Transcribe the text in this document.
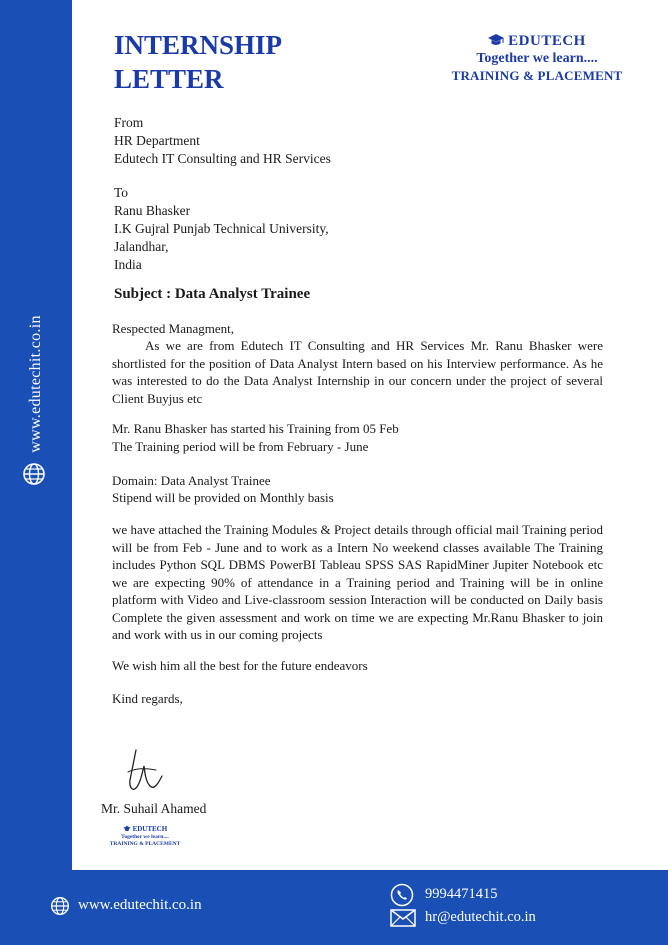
www.edutechit.co.in
INTERNSHIP
LETTER
EDUTECH
Together we learn....
TRAINING & PLACEMENT
From
HR Department
Edutech IT Consulting and HR Services
To
Ranu Bhasker
I.K Gujral Punjab Technical University,
Jalandhar,
India
Subject : Data Analyst Trainee
Respected Managment,
As we are from Edutech IT Consulting and HR Services Mr. Ranu Bhasker were shortlisted for the position of Data Analyst Intern based on his Interview performance. As he was interested to do the Data Analyst Internship in our concern under the project of several Client Buyjus etc
Mr. Ranu Bhasker has started his Training from 05 Feb
The Training period will be from February - June
Domain: Data Analyst Trainee
Stipend will be provided on Monthly basis
we have attached the Training Modules & Project details through official mail Training period will be from Feb - June and to work as a Intern No weekend classes available The Training includes Python SQL DBMS PowerBI Tableau SPSS SAS RapidMiner Jupiter Notebook etc we are expecting 90% of attendance in a Training period and Training will be in online platform with Video and Live-classroom session Interaction will be conducted on Daily basis Complete the given assessment and work on time we are expecting Mr.Ranu Bhasker to join and work with us in our coming projects
We wish him all the best for the future endeavors
Kind regards,
Mr. Suhail Ahamed
EDUTECH
Together we learn....
TRAINING & PLACEMENT
www.edutechit.co.in
9994471415
hr@edutechit.co.in
